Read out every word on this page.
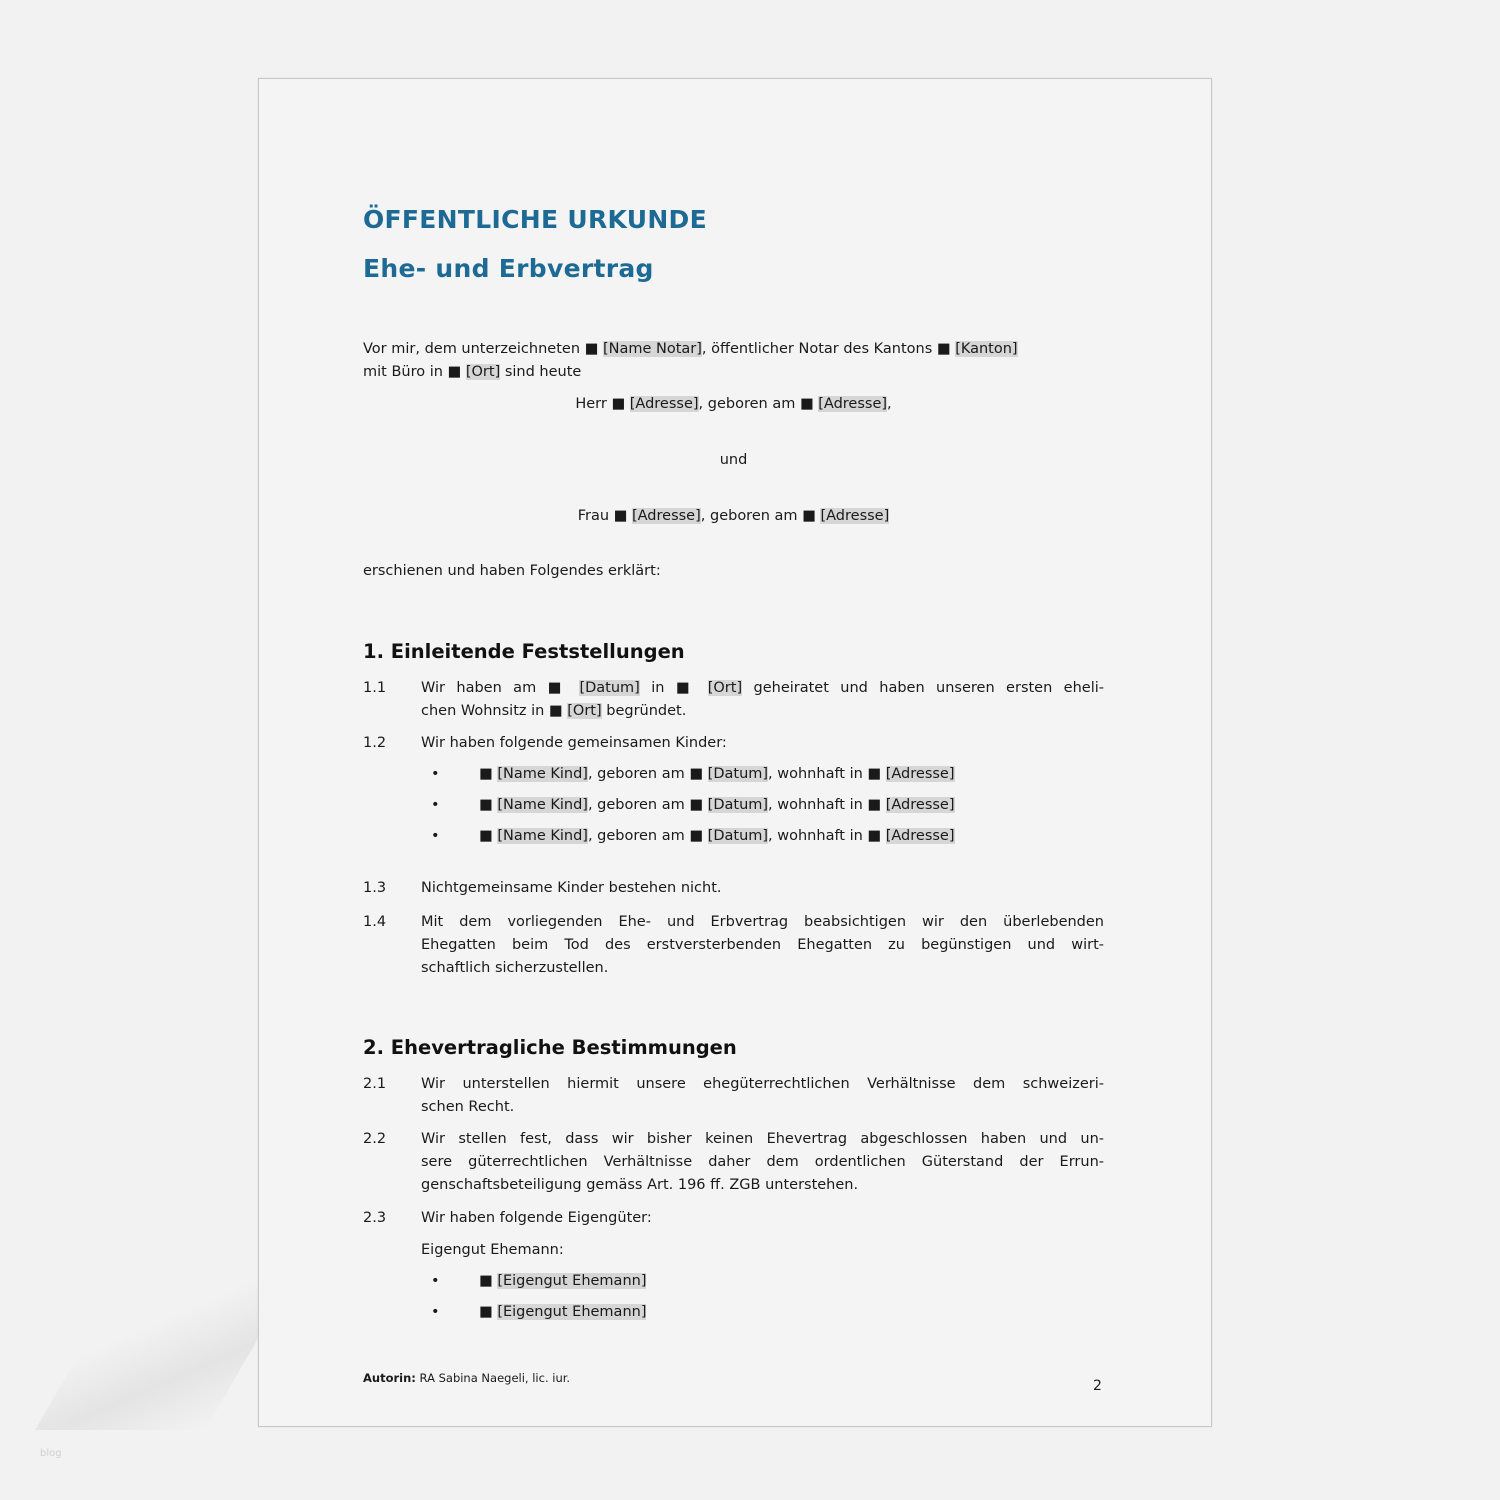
ÖFFENTLICHE URKUNDE
Ehe- und Erbvertrag
Vor mir, dem unterzeichneten ■ [Name Notar], öffentlicher Notar des Kantons ■ [Kanton]
mit Büro in ■ [Ort] sind heute
Herr ■ [Adresse], geboren am ■ [Adresse],
und
Frau ■ [Adresse], geboren am ■ [Adresse]
erschienen und haben Folgendes erklärt:
1. Einleitende Feststellungen
1.1 Wir haben am ■ [Datum] in ■ [Ort] geheiratet und haben unseren ersten eheli-
chen Wohnsitz in ■ [Ort] begründet.
1.2 Wir haben folgende gemeinsamen Kinder:
•	■ [Name Kind], geboren am ■ [Datum], wohnhaft in ■ [Adresse]
•	■ [Name Kind], geboren am ■ [Datum], wohnhaft in ■ [Adresse]
•	■ [Name Kind], geboren am ■ [Datum], wohnhaft in ■ [Adresse]
1.3 Nichtgemeinsame Kinder bestehen nicht.
1.4 Mit dem vorliegenden Ehe- und Erbvertrag beabsichtigen wir den überlebenden
Ehegatten beim Tod des erstversterbenden Ehegatten zu begünstigen und wirt-
schaftlich sicherzustellen.
2. Ehevertragliche Bestimmungen
2.1 Wir unterstellen hiermit unsere ehegüterrechtlichen Verhältnisse dem schweizeri-
schen Recht.
2.2 Wir stellen fest, dass wir bisher keinen Ehevertrag abgeschlossen haben und un-
sere güterrechtlichen Verhältnisse daher dem ordentlichen Güterstand der Errun-
genschaftsbeteiligung gemäss Art. 196 ff. ZGB unterstehen.
2.3 Wir haben folgende Eigengüter:
Eigengut Ehemann:
•	■ [Eigengut Ehemann]
•	■ [Eigengut Ehemann]
Autorin: RA Sabina Naegeli, lic. iur.	2
blog
